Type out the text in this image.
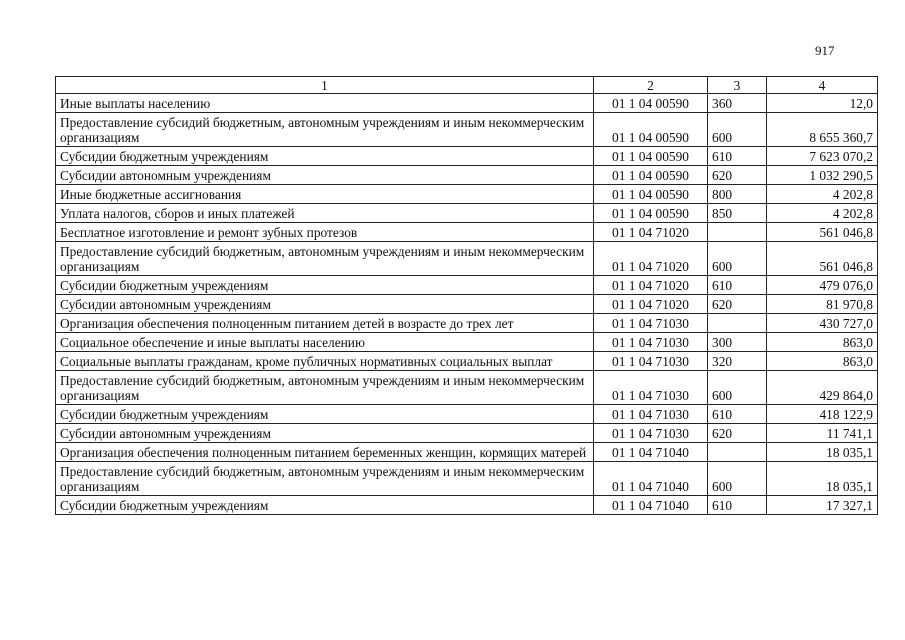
917
1	2	3	4
Иные выплаты населению	01 1 04 00590	360	12,0
Предоставление субсидий бюджетным, автономным учреждениям и иным некоммерческим организациям	01 1 04 00590	600	8 655 360,7
Субсидии бюджетным учреждениям	01 1 04 00590	610	7 623 070,2
Субсидии автономным учреждениям	01 1 04 00590	620	1 032 290,5
Иные бюджетные ассигнования	01 1 04 00590	800	4 202,8
Уплата налогов, сборов и иных платежей	01 1 04 00590	850	4 202,8
Бесплатное изготовление и ремонт зубных протезов	01 1 04 71020		561 046,8
Предоставление субсидий бюджетным, автономным учреждениям и иным некоммерческим организациям	01 1 04 71020	600	561 046,8
Субсидии бюджетным учреждениям	01 1 04 71020	610	479 076,0
Субсидии автономным учреждениям	01 1 04 71020	620	81 970,8
Организация обеспечения полноценным питанием детей в возрасте до трех лет	01 1 04 71030		430 727,0
Социальное обеспечение и иные выплаты населению	01 1 04 71030	300	863,0
Социальные выплаты гражданам, кроме публичных нормативных социальных выплат	01 1 04 71030	320	863,0
Предоставление субсидий бюджетным, автономным учреждениям и иным некоммерческим организациям	01 1 04 71030	600	429 864,0
Субсидии бюджетным учреждениям	01 1 04 71030	610	418 122,9
Субсидии автономным учреждениям	01 1 04 71030	620	11 741,1
Организация обеспечения полноценным питанием беременных женщин, кормящих матерей	01 1 04 71040		18 035,1
Предоставление субсидий бюджетным, автономным учреждениям и иным некоммерческим организациям	01 1 04 71040	600	18 035,1
Субсидии бюджетным учреждениям	01 1 04 71040	610	17 327,1
